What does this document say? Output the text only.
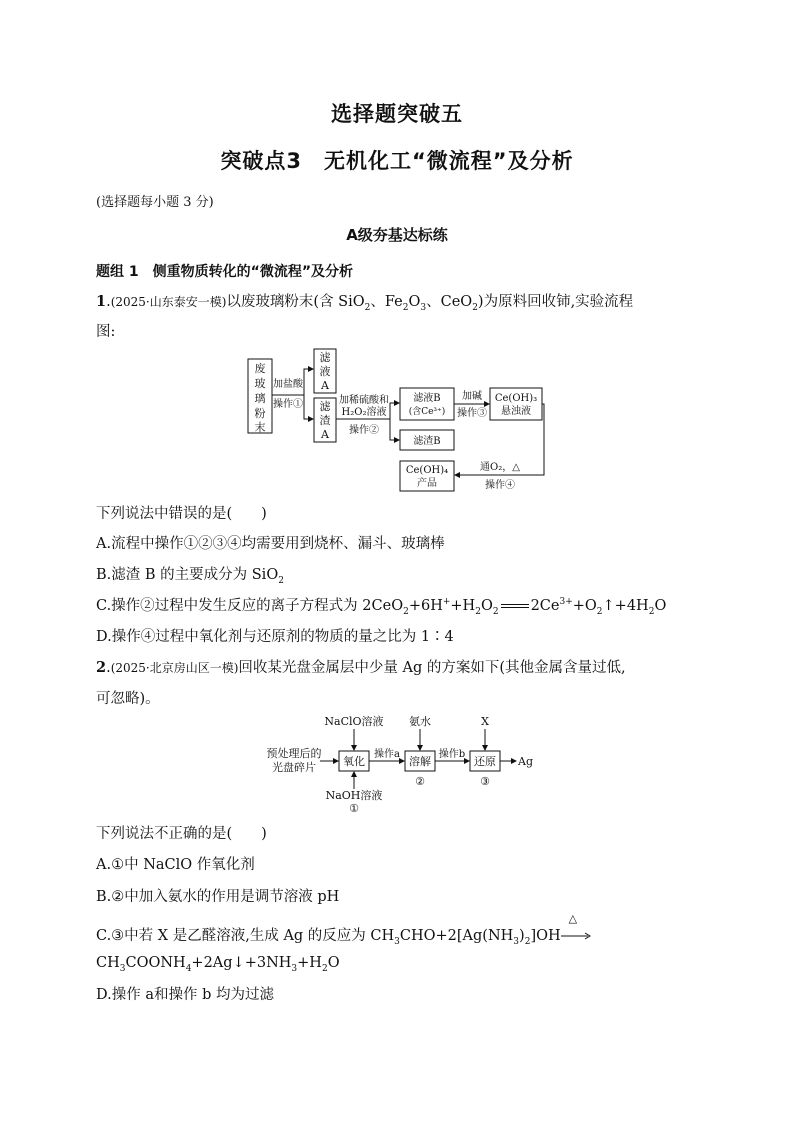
选择题突破五
突破点3　无机化工“微流程”及分析
(选择题每小题 3 分)
A级夯基达标练
题组 1　侧重物质转化的“微流程”及分析
1.(2025·山东泰安一模)以废玻璃粉末(含 SiO$_2$、$Fe_2O_3$、CeO$_2$)为原料回收铈,实验流程
图:
废
玻
璃
粉
末
滤
液
A
滤
渣
A
加盐酸
操作①	加稀硫酸和
H₂O₂溶液
操作②
滤液B
(含Ce³⁺)
滤渣B
加碱
操作③
Ce(OH)₃
悬浊液
Ce(OH)₄
产品
通O₂，△
操作④
下列说法中错误的是(　　)
A.流程中操作①②③④均需要用到烧杯、漏斗、玻璃棒
B.滤渣 B 的主要成分为 SiO$_2$
C.操作②过程中发生反应的离子方程式为 $2CeO_2+6H^++H_2O_2$ $2Ce^{3+}+O_2↑+4H_2O$
D.操作④过程中氧化剂与还原剂的物质的量之比为 1∶4
2.(2025·北京房山区一模)回收某光盘金属层中少量 Ag 的方案如下(其他金属含量过低,
可忽略)。
预处理后的
光盘碎片
NaClO溶液
氧化
NaOH溶液
①
操作a
氨水
溶解
②
操作b
X
还原
③
Ag
下列说法不正确的是(　　)
A.①中 NaClO 作氧化剂
B.②中加入氨水的作用是调节溶液 pH
C.③中若 X 是乙醛溶液,生成 Ag 的反应为 $CH_3CHO+2[Ag(NH_3)_2]OH$
△
$CH_3COONH_4+2Ag↓+3NH_3+H_2O$
D.操作 a和操作 b 均为过滤
